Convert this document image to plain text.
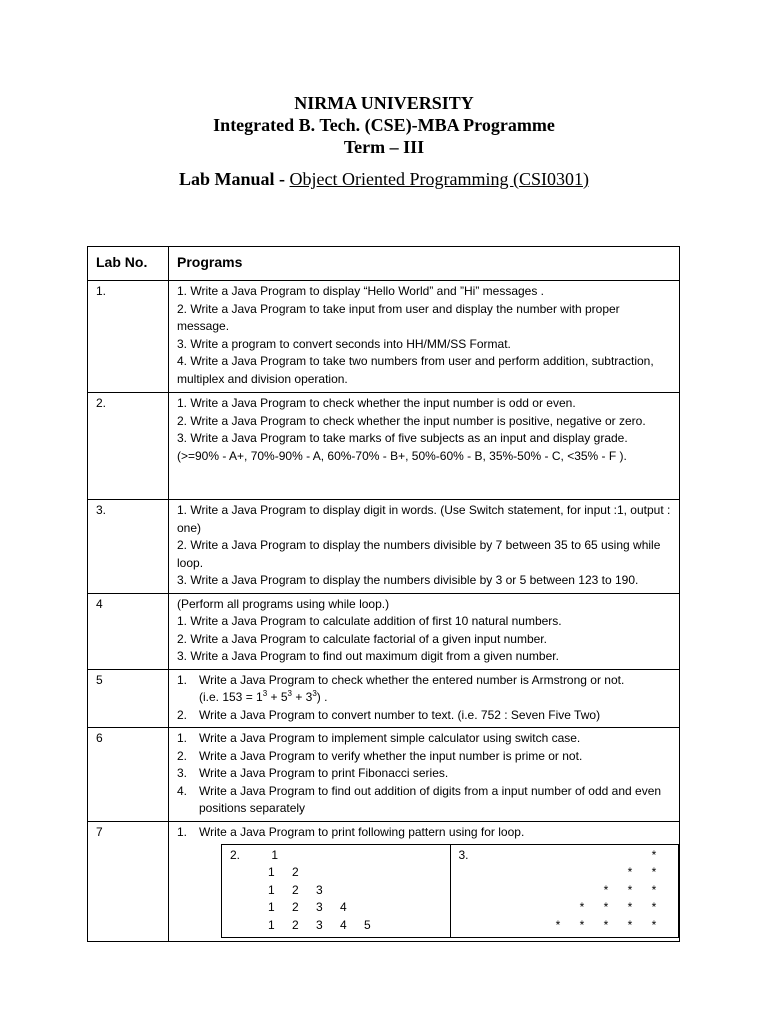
NIRMA UNIVERSITY
Integrated B. Tech. (CSE)-MBA Programme
Term – III
Lab Manual - Object Oriented Programming (CSI0301)
Lab No.	Programs
1.	1. Write a Java Program to display “Hello World” and ”Hi” messages .

2. Write a Java Program to take input from user and display the number with proper message.

3. Write a program to convert seconds into HH/MM/SS Format.

4. Write a Java Program to take two numbers from user and perform addition, subtraction, multiplex and division operation.

2.	1. Write a Java Program to check whether the input number is odd or even.

2. Write a Java Program to check whether the input number is positive, negative or zero.

3. Write a Java Program to take marks of five subjects as an input and display grade. (>=90% - A+, 70%-90% - A, 60%-70% - B+, 50%-60% - B, 35%-50% - C, <35% - F ).

3.	1. Write a Java Program to display digit in words. (Use Switch statement, for input :1, output : one)

2. Write a Java Program to display the numbers divisible by 7 between 35 to 65 using while loop.

3. Write a Java Program to display the numbers divisible by 3 or 5 between 123 to 190.

4	(Perform all programs using while loop.)

1. Write a Java Program to calculate addition of first 10 natural numbers.

2. Write a Java Program to calculate factorial of a given input number.

3. Write a Java Program to find out maximum digit from a given number.

5	1. Write a Java Program to check whether the entered number is Armstrong or not.
(i.e. $153 = 1^3 + 5^3 + 3^3$) .
2. Write a Java Program to convert number to text. (i.e. 752 : Seven Five Two)

6	1. Write a Java Program to implement simple calculator using switch case.
2. Write a Java Program to verify whether the input number is prime or not.
3. Write a Java Program to print Fibonacci series.
4. Write a Java Program to find out addition of digits from a input number of odd and even positions separately

7	1. Write a Java Program to print following pattern using for loop.
2.	1
1 2
1 2 3
1 2 3 4
1 2 3 4 5

3.	*
* *
* * *
* * * *
* * * * *
